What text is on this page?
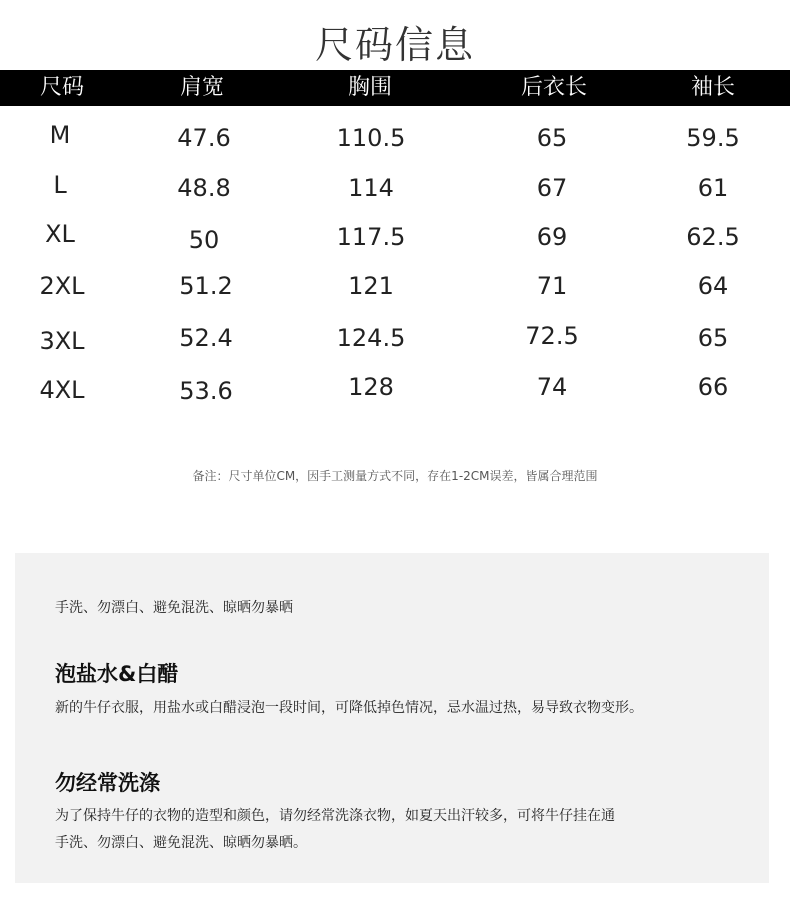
尺码信息
尺码	肩宽	胸围	后衣长	袖长
M	47.6	110.5	65	59.5
L	48.8	114	67	61
XL	50	117.5	69	62.5
2XL	51.2	121	71	64
3XL	52.4	124.5	72.5	65
4XL	53.6	128	74	66
备注：尺寸单位CM，因手工测量方式不同，存在1-2CM误差，皆属合理范围
手洗、勿漂白、避免混洗、晾晒勿暴晒
泡盐水&白醋
新的牛仔衣服，用盐水或白醋浸泡一段时间，可降低掉色情况，忌水温过热，易导致衣物变形。
勿经常洗涤
为了保持牛仔的衣物的造型和颜色，请勿经常洗涤衣物，如夏天出汗较多，可将牛仔挂在通
手洗、勿漂白、避免混洗、晾晒勿暴晒。
